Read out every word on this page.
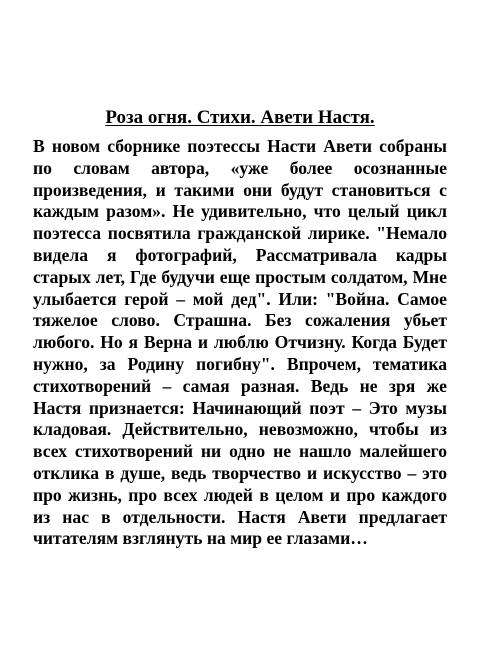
Роза огня. Стихи. Авети Настя.

В новом сборнике поэтессы Насти Авети собраны по словам автора, «уже более осознанные произведения, и такими они будут становиться с каждым разом». Не удивительно, что целый цикл поэтесса посвятила гражданской лирике. "Немало видела я фотографий, Рассматривала кадры старых лет, Где будучи еще простым солдатом, Мне улыбается герой – мой дед". Или: "Война. Самое тяжелое слово. Страшна. Без сожаления убьет любого. Но я Верна и люблю Отчизну. Когда Будет нужно, за Родину погибну". Впрочем, тематика стихотворений – самая разная. Ведь не зря же Настя признается: Начинающий поэт – Это музы кладовая. Действительно, невозможно, чтобы из всех стихотворений ни одно не нашло малейшего отклика в душе, ведь творчество и искусство – это про жизнь, про всех людей в целом и про каждого из нас в отдельности. Настя Авети предлагает читателям взглянуть на мир ее глазами…
